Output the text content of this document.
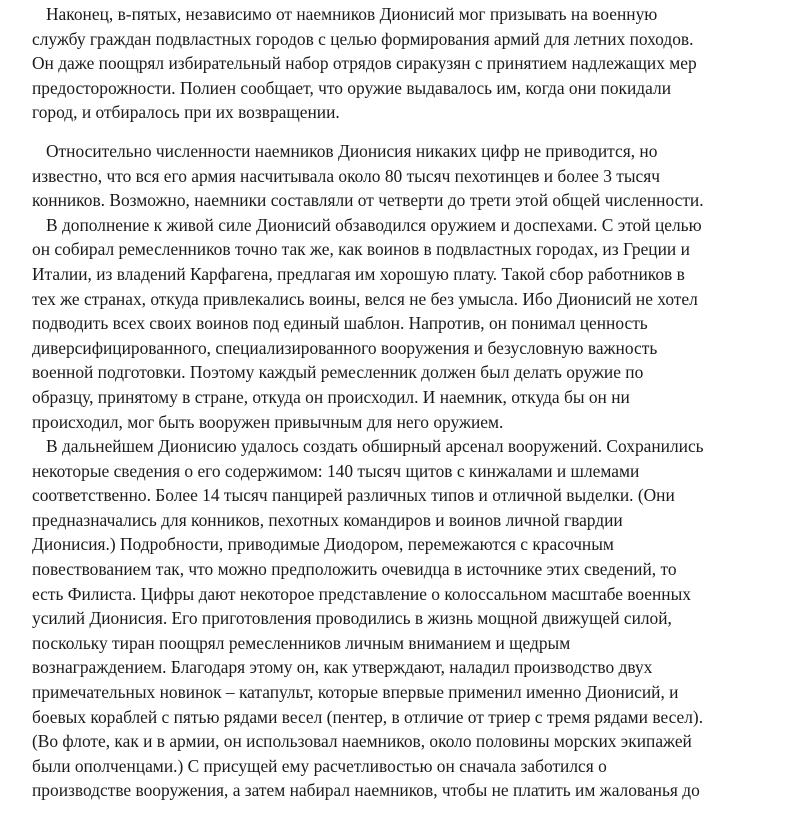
Наконец, в-пятых, независимо от наемников Дионисий мог призывать на военную
службу граждан подвластных городов с целью формирования армий для летних походов.
Он даже поощрял избирательный набор отрядов сиракузян с принятием надлежащих мер
предосторожности. Полиен сообщает, что оружие выдавалось им, когда они покидали
город, и отбиралось при их возвращении.
Относительно численности наемников Дионисия никаких цифр не приводится, но
известно, что вся его армия насчитывала около 80 тысяч пехотинцев и более 3 тысяч
конников. Возможно, наемники составляли от четверти до трети этой общей численности.
В дополнение к живой силе Дионисий обзаводился оружием и доспехами. С этой целью
он собирал ремесленников точно так же, как воинов в подвластных городах, из Греции и
Италии, из владений Карфагена, предлагая им хорошую плату. Такой сбор работников в
тех же странах, откуда привлекались воины, велся не без умысла. Ибо Дионисий не хотел
подводить всех своих воинов под единый шаблон. Напротив, он понимал ценность
диверсифицированного, специализированного вооружения и безусловную важность
военной подготовки. Поэтому каждый ремесленник должен был делать оружие по
образцу, принятому в стране, откуда он происходил. И наемник, откуда бы он ни
происходил, мог быть вооружен привычным для него оружием.
В дальнейшем Дионисию удалось создать обширный арсенал вооружений. Сохранились
некоторые сведения о его содержимом: 140 тысяч щитов с кинжалами и шлемами
соответственно. Более 14 тысяч панцирей различных типов и отличной выделки. (Они
предназначались для конников, пехотных командиров и воинов личной гвардии
Дионисия.) Подробности, приводимые Диодором, перемежаются с красочным
повествованием так, что можно предположить очевидца в источнике этих сведений, то
есть Филиста. Цифры дают некоторое представление о колоссальном масштабе военных
усилий Дионисия. Его приготовления проводились в жизнь мощной движущей силой,
поскольку тиран поощрял ремесленников личным вниманием и щедрым
вознаграждением. Благодаря этому он, как утверждают, наладил производство двух
примечательных новинок – катапульт, которые впервые применил именно Дионисий, и
боевых кораблей с пятью рядами весел (пентер, в отличие от триер с тремя рядами весел).
(Во флоте, как и в армии, он использовал наемников, около половины морских экипажей
были ополченцами.) С присущей ему расчетливостью он сначала заботился о
производстве вооружения, а затем набирал наемников, чтобы не платить им жалованья до
